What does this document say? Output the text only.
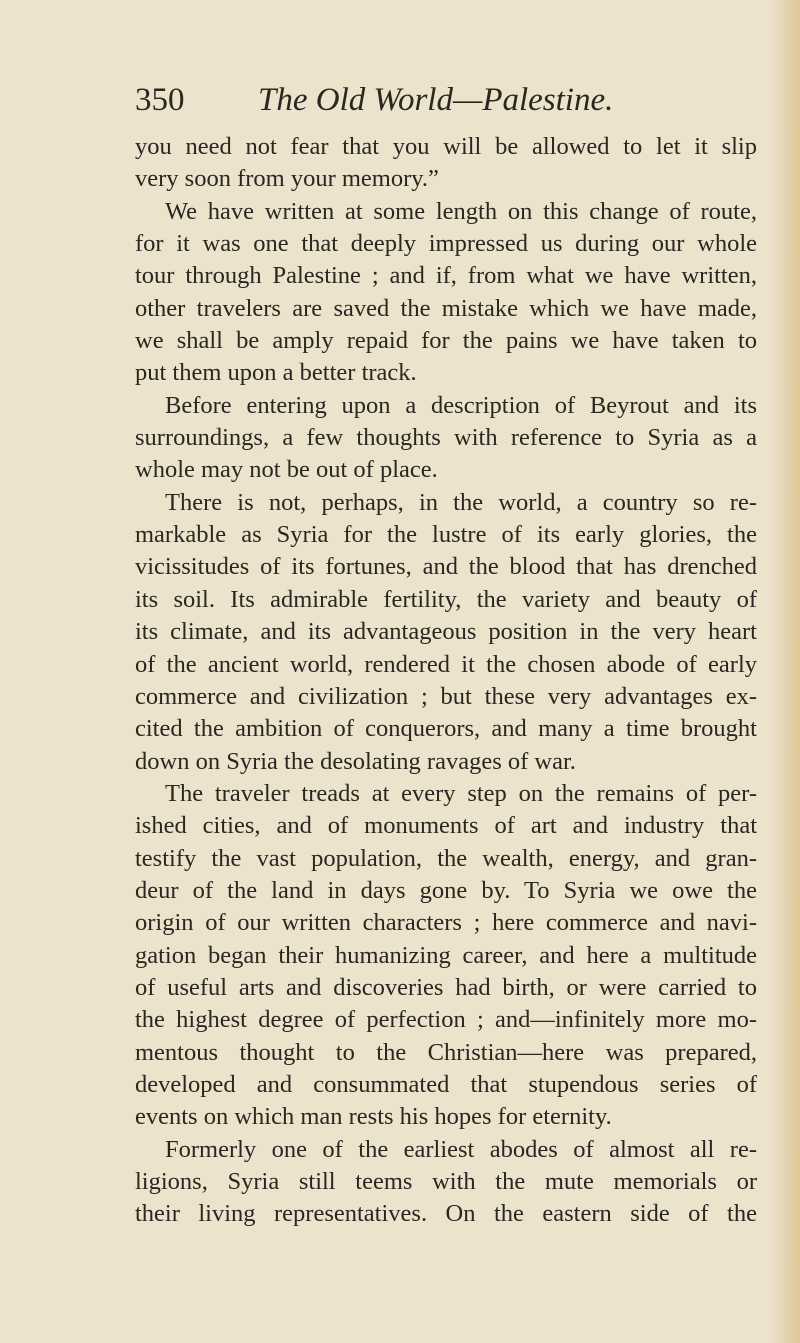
350 The Old World—Palestine.
you need not fear that you will be allowed to let it slip
very soon from your memory.”
We have written at some length on this change of route,
for it was one that deeply impressed us during our whole
tour through Palestine ; and if, from what we have written,
other travelers are saved the mistake which we have made,
we shall be amply repaid for the pains we have taken to
put them upon a better track.
Before entering upon a description of Beyrout and its
surroundings, a few thoughts with reference to Syria as a
whole may not be out of place.
There is not, perhaps, in the world, a country so re-
markable as Syria for the lustre of its early glories, the
vicissitudes of its fortunes, and the blood that has drenched
its soil. Its admirable fertility, the variety and beauty of
its climate, and its advantageous position in the very heart
of the ancient world, rendered it the chosen abode of early
commerce and civilization ; but these very advantages ex-
cited the ambition of conquerors, and many a time brought
down on Syria the desolating ravages of war.
The traveler treads at every step on the remains of per-
ished cities, and of monuments of art and industry that
testify the vast population, the wealth, energy, and gran-
deur of the land in days gone by. To Syria we owe the
origin of our written characters ; here commerce and navi-
gation began their humanizing career, and here a multitude
of useful arts and discoveries had birth, or were carried to
the highest degree of perfection ; and—infinitely more mo-
mentous thought to the Christian—here was prepared,
developed and consummated that stupendous series of
events on which man rests his hopes for eternity.
Formerly one of the earliest abodes of almost all re-
ligions, Syria still teems with the mute memorials or
their living representatives. On the eastern side of the
